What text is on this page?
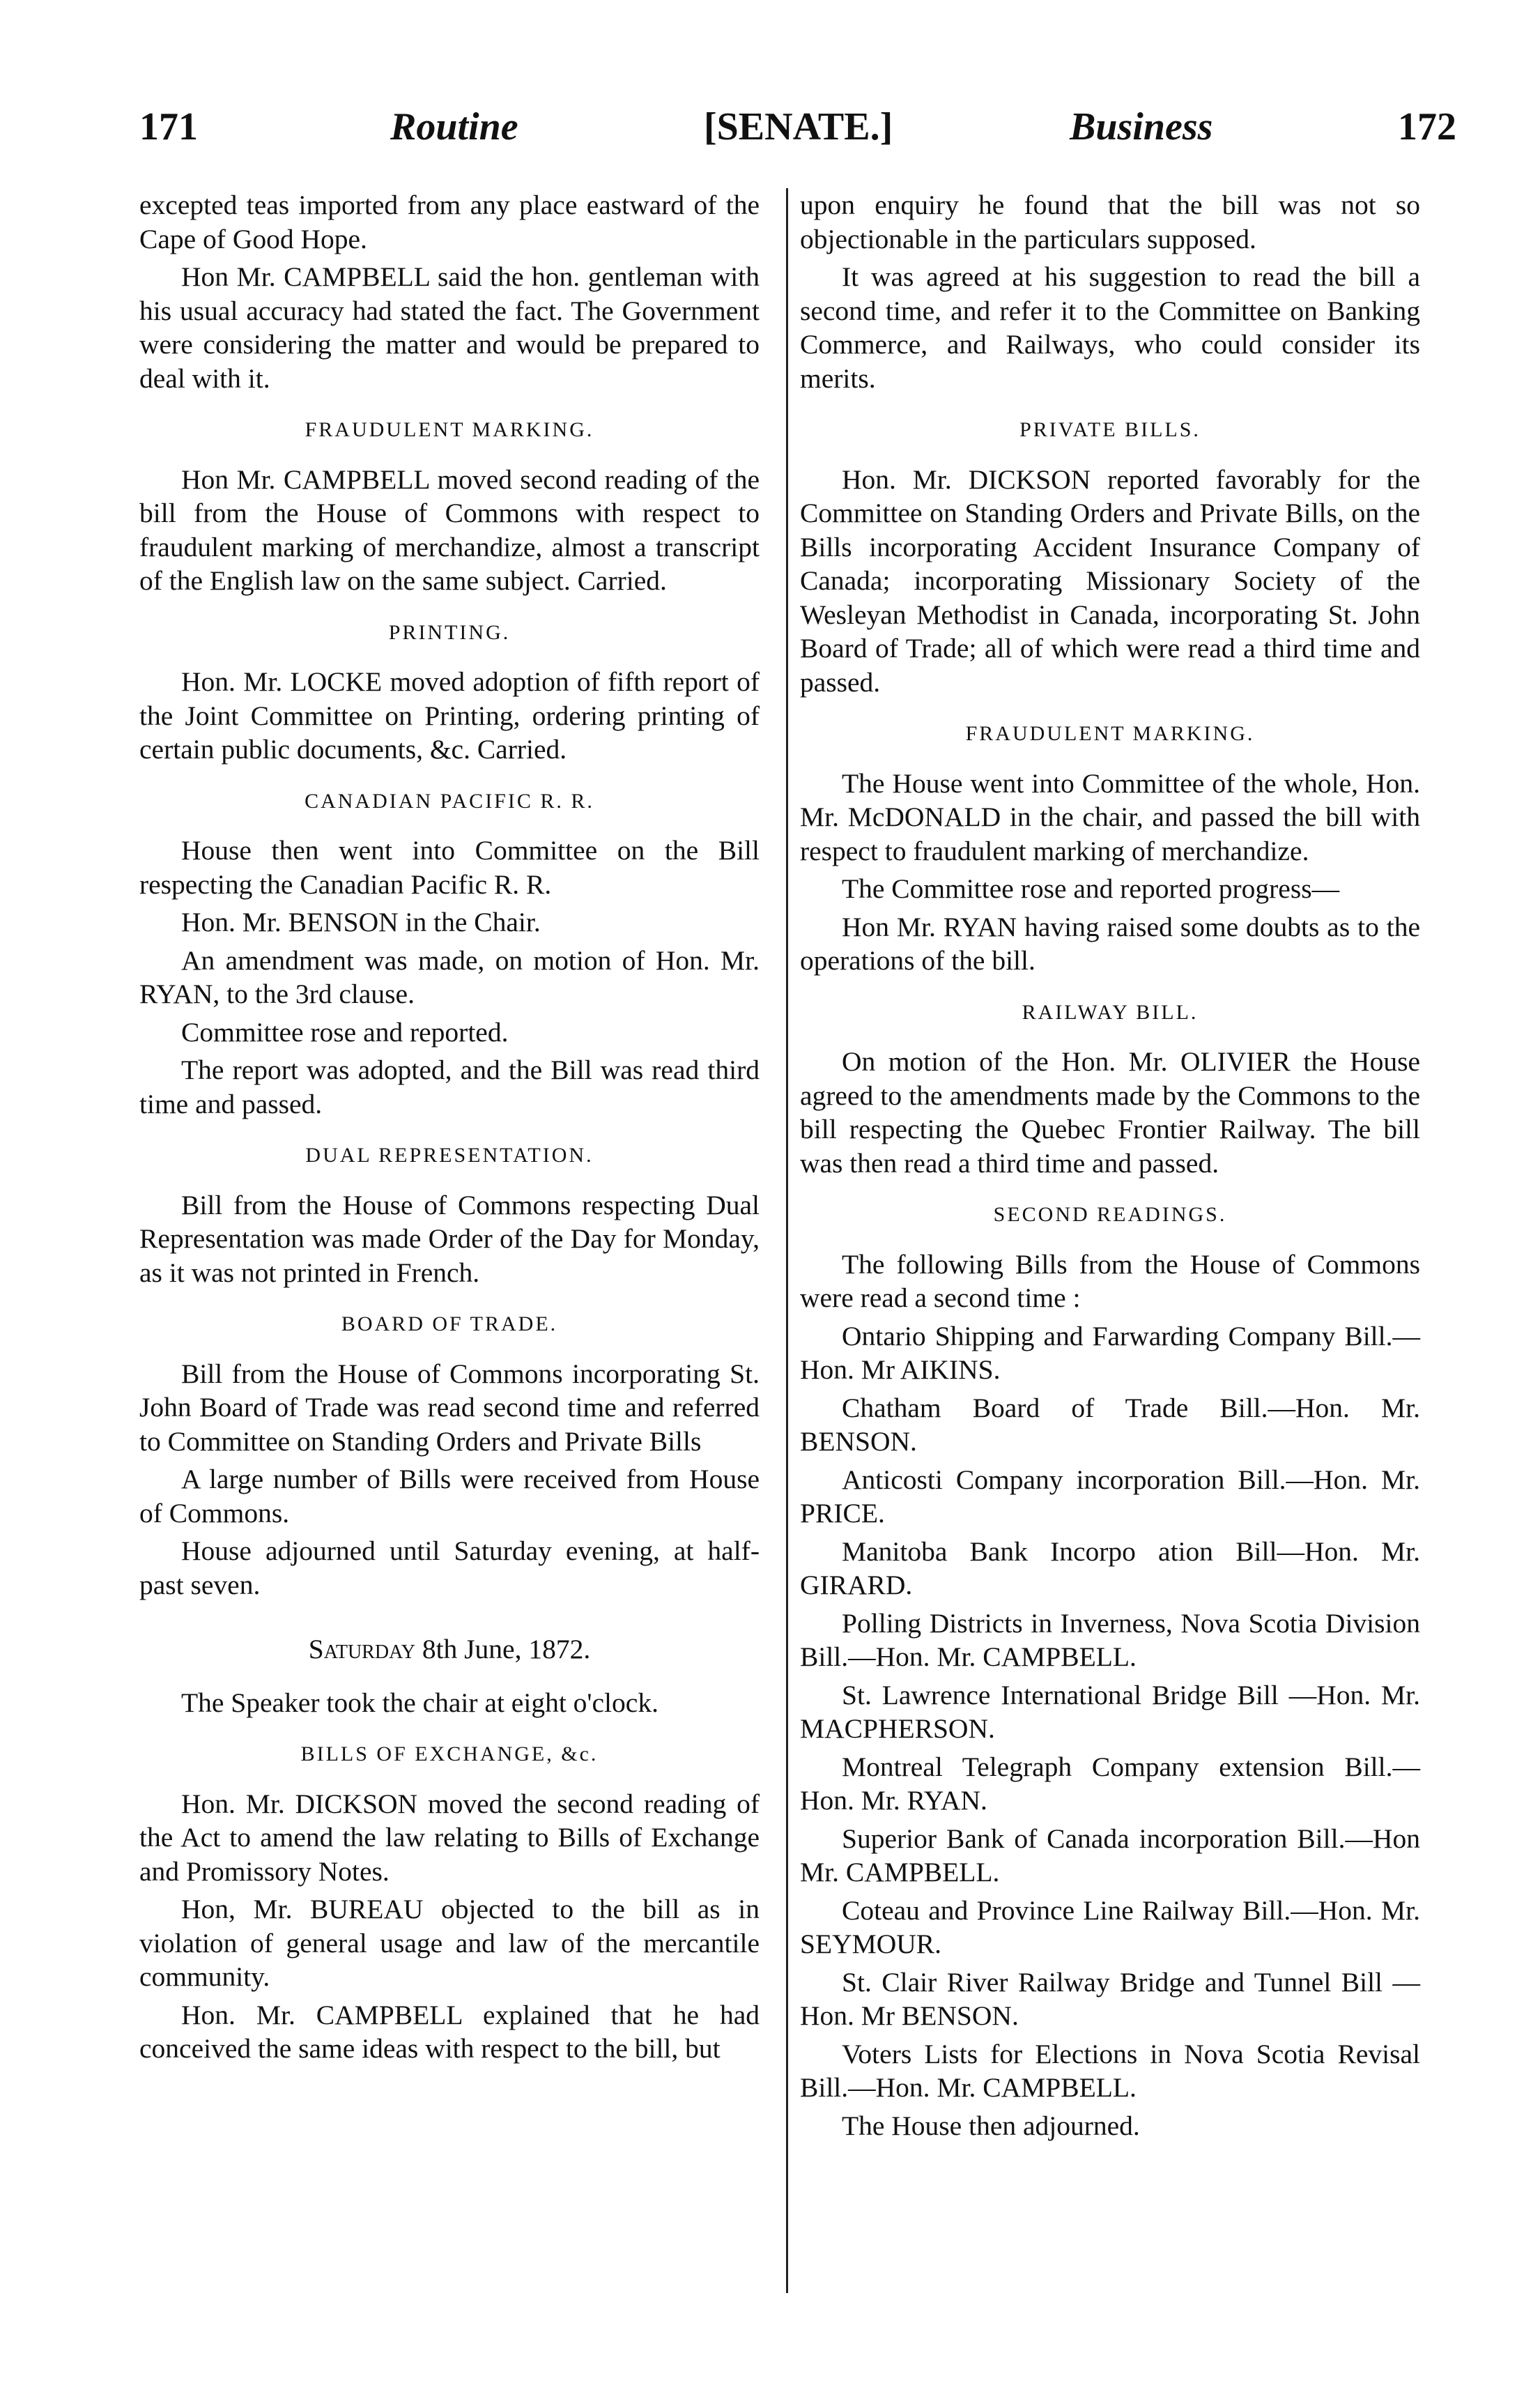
171	Routine	[SENATE.]	Business	172

excepted teas imported from any place eastward of the Cape of Good Hope.

Hon Mr. CAMPBELL said the hon. gentleman with his usual accuracy had stated the fact. The Government were considering the matter and would be prepared to deal with it.

FRAUDULENT MARKING.

Hon Mr. CAMPBELL moved second reading of the bill from the House of Commons with respect to fraudulent marking of merchandize, almost a transcript of the English law on the same subject. Carried.

PRINTING.

Hon. Mr. LOCKE moved adoption of fifth report of the Joint Committee on Printing, ordering printing of certain public documents, &c. Carried.

CANADIAN PACIFIC R. R.

House then went into Committee on the Bill respecting the Canadian Pacific R. R.

Hon. Mr. BENSON in the Chair.

An amendment was made, on motion of Hon. Mr. RYAN, to the 3rd clause.

Committee rose and reported.

The report was adopted, and the Bill was read third time and passed.

DUAL REPRESENTATION.

Bill from the House of Commons respecting Dual Representation was made Order of the Day for Monday, as it was not printed in French.

BOARD OF TRADE.

Bill from the House of Commons incorporating St. John Board of Trade was read second time and referred to Committee on Standing Orders and Private Bills

A large number of Bills were received from House of Commons.

House adjourned until Saturday evening, at half-past seven.

Saturday 8th June, 1872.

The Speaker took the chair at eight o'clock.

BILLS OF EXCHANGE, &c.

Hon. Mr. DICKSON moved the second reading of the Act to amend the law relating to Bills of Exchange and Promissory Notes.

Hon, Mr. BUREAU objected to the bill as in violation of general usage and law of the mercantile community.

Hon. Mr. CAMPBELL explained that he had conceived the same ideas with respect to the bill, but

upon enquiry he found that the bill was not so objectionable in the particulars supposed.

It was agreed at his suggestion to read the bill a second time, and refer it to the Committee on Banking Commerce, and Railways, who could consider its merits.

PRIVATE BILLS.

Hon. Mr. DICKSON reported favorably for the Committee on Standing Orders and Private Bills, on the Bills incorporating Accident Insurance Company of Canada; incorporating Missionary Society of the Wesleyan Methodist in Canada, incorporating St. John Board of Trade; all of which were read a third time and passed.

FRAUDULENT MARKING.

The House went into Committee of the whole, Hon. Mr. McDONALD in the chair, and passed the bill with respect to fraudulent marking of merchandize.

The Committee rose and reported progress—

Hon Mr. RYAN having raised some doubts as to the operations of the bill.

RAILWAY BILL.

On motion of the Hon. Mr. OLIVIER the House agreed to the amendments made by the Commons to the bill respecting the Quebec Frontier Railway. The bill was then read a third time and passed.

SECOND READINGS.

The following Bills from the House of Commons were read a second time :

Ontario Shipping and Farwarding Company Bill.—Hon. Mr AIKINS.

Chatham Board of Trade Bill.—Hon. Mr. BENSON.

Anticosti Company incorporation Bill.—Hon. Mr. PRICE.

Manitoba Bank Incorpo ation Bill—Hon. Mr. GIRARD.

Polling Districts in Inverness, Nova Scotia Division Bill.—Hon. Mr. CAMPBELL.

St. Lawrence International Bridge Bill —Hon. Mr. MACPHERSON.

Montreal Telegraph Company extension Bill.—Hon. Mr. RYAN.

Superior Bank of Canada incorporation Bill.—Hon Mr. CAMPBELL.

Coteau and Province Line Railway Bill.—Hon. Mr. SEYMOUR.

St. Clair River Railway Bridge and Tunnel Bill —Hon. Mr BENSON.

Voters Lists for Elections in Nova Scotia Revisal Bill.—Hon. Mr. CAMPBELL.

The House then adjourned.
